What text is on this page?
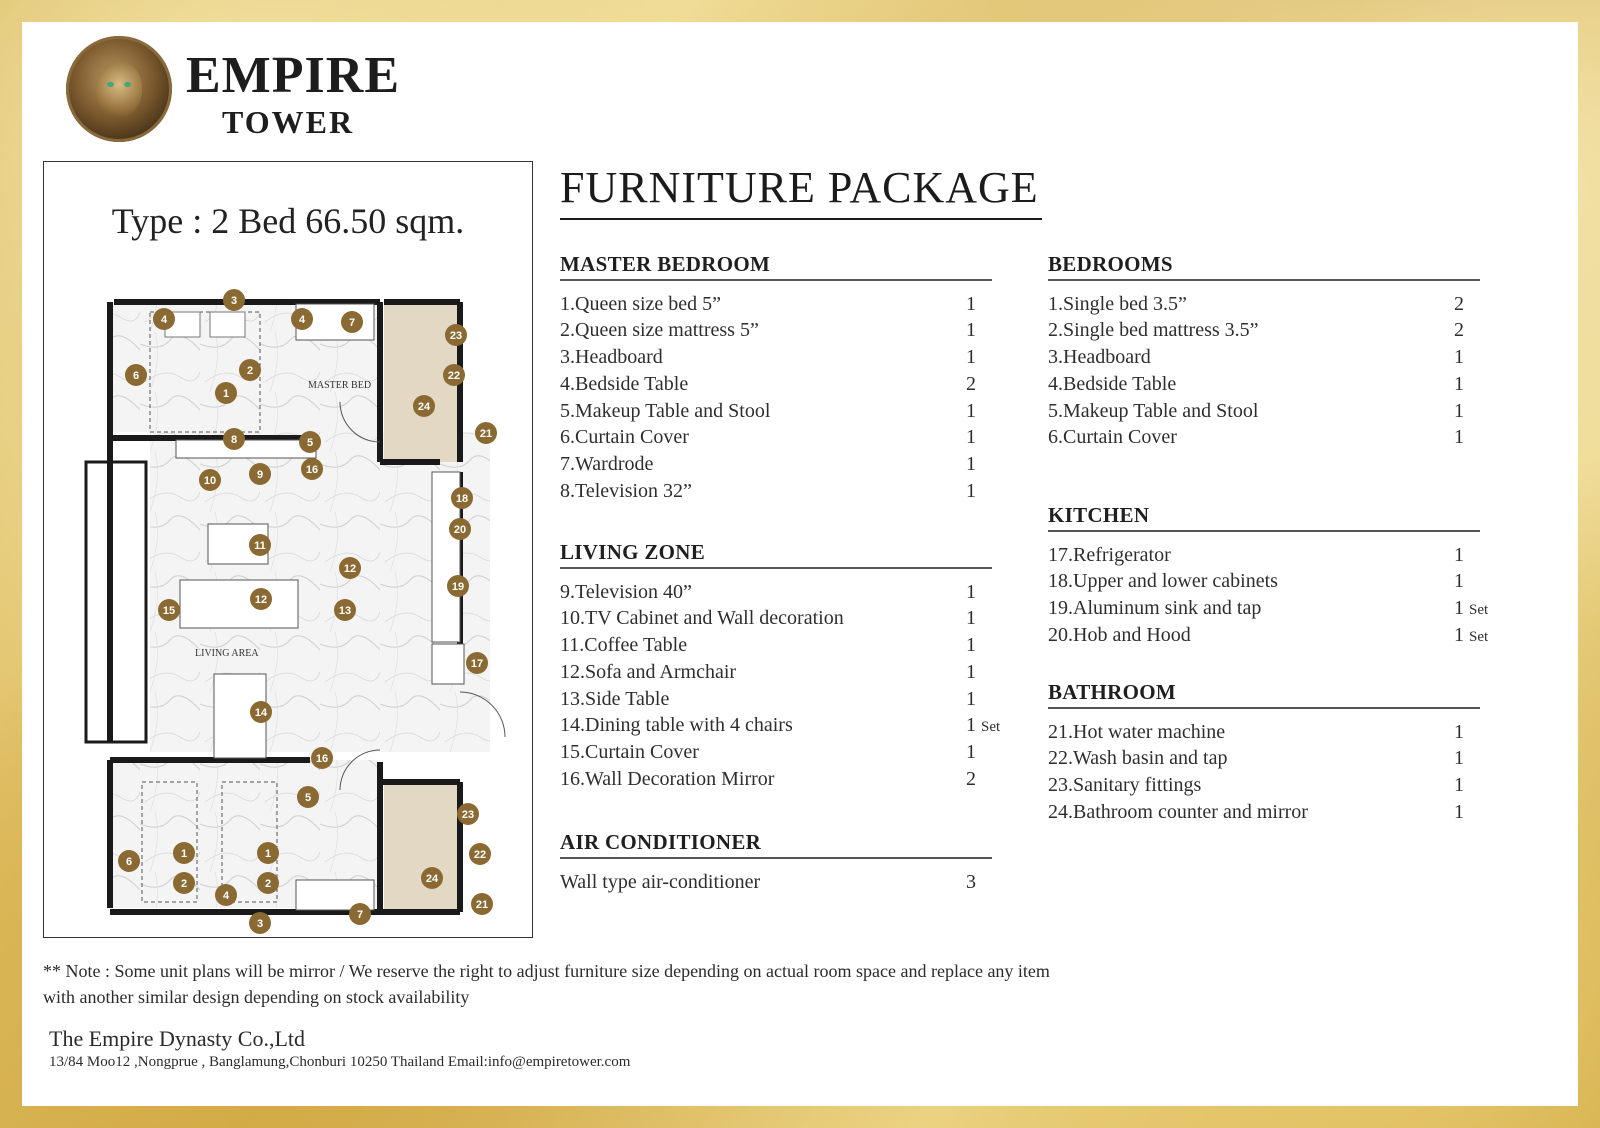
EMPIRE
TOWER
Type : 2 Bed 66.50 sqm.
MASTER BED
LIVING AREA
3
4	4	7
6	2
1
8	5
16
9
10
23
22
24
21
18
20
11
12
12
13
19
15
17
14
16
5
23
22
1	1
6
24
2	2
4
21
7
3
FURNITURE PACKAGE
MASTER BEDROOM
1.Queen size bed 5”	1
2.Queen size mattress 5”	1
3.Headboard	1
4.Bedside Table	2
5.Makeup Table and Stool	1
6.Curtain Cover	1
7.Wardrode	1
8.Television 32”	1
LIVING ZONE
9.Television 40”	1
10.TV Cabinet and Wall decoration	1
11.Coffee Table	1
12.Sofa and Armchair	1
13.Side Table	1
14.Dining table with 4 chairs	1 Set
15.Curtain Cover	1
16.Wall Decoration Mirror	2
AIR CONDITIONER
Wall type air-conditioner	3
BEDROOMS
1.Single bed 3.5”	2
2.Single bed mattress 3.5”	2
3.Headboard	1
4.Bedside Table	1
5.Makeup Table and Stool	1
6.Curtain Cover	1
KITCHEN
17.Refrigerator	1
18.Upper and lower cabinets	1
19.Aluminum sink and tap	1 Set
20.Hob and Hood	1 Set
BATHROOM
21.Hot water machine	1
22.Wash basin and tap	1
23.Sanitary fittings	1
24.Bathroom counter and mirror	1
** Note : Some unit plans will be mirror / We reserve the right to adjust furniture size depending on actual room space and replace any item
with another similar design depending on stock availability
The Empire Dynasty Co.,Ltd
13/84 Moo12 ,Nongprue , Banglamung,Chonburi 10250 Thailand Email:info@empiretower.com
